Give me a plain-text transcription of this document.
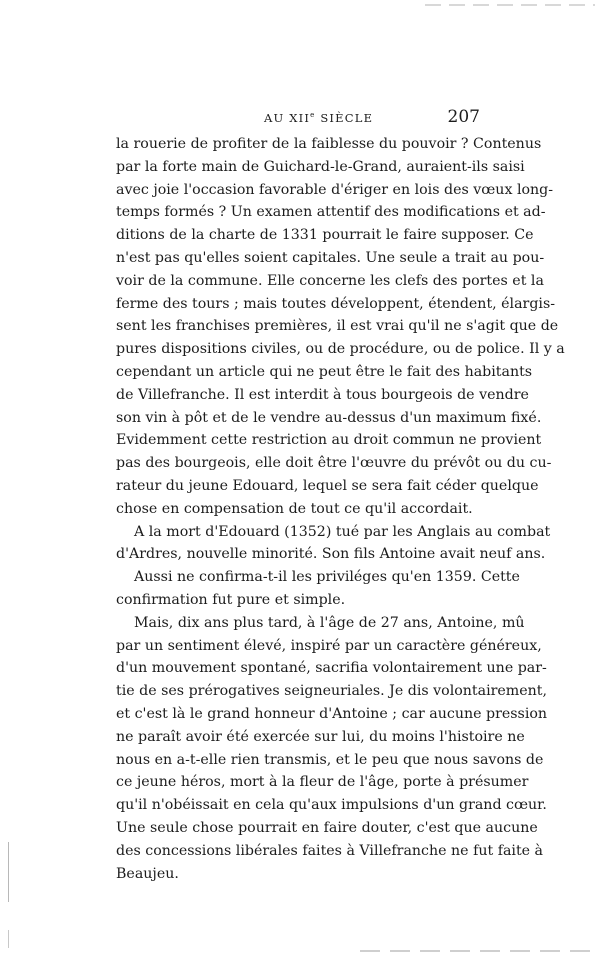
AU XIIe SIÈCLE	207
la rouerie de profiter de la faiblesse du pouvoir ? Contenus
par la forte main de Guichard-le-Grand, auraient-ils saisi
avec joie l'occasion favorable d'ériger en lois des vœux long-
temps formés ? Un examen attentif des modifications et ad-
ditions de la charte de 1331 pourrait le faire supposer. Ce
n'est pas qu'elles soient capitales. Une seule a trait au pou-
voir de la commune. Elle concerne les clefs des portes et la
ferme des tours ; mais toutes développent, étendent, élargis-
sent les franchises premières, il est vrai qu'il ne s'agit que de
pures dispositions civiles, ou de procédure, ou de police. Il y a
cependant un article qui ne peut être le fait des habitants
de Villefranche. Il est interdit à tous bourgeois de vendre
son vin à pôt et de le vendre au-dessus d'un maximum fixé.
Evidemment cette restriction au droit commun ne provient
pas des bourgeois, elle doit être l'œuvre du prévôt ou du cu-
rateur du jeune Edouard, lequel se sera fait céder quelque
chose en compensation de tout ce qu'il accordait.
A la mort d'Edouard (1352) tué par les Anglais au combat
d'Ardres, nouvelle minorité. Son fils Antoine avait neuf ans.
Aussi ne confirma-t-il les priviléges qu'en 1359. Cette
confirmation fut pure et simple.
Mais, dix ans plus tard, à l'âge de 27 ans, Antoine, mû
par un sentiment élevé, inspiré par un caractère généreux,
d'un mouvement spontané, sacrifia volontairement une par-
tie de ses prérogatives seigneuriales. Je dis volontairement,
et c'est là le grand honneur d'Antoine ; car aucune pression
ne paraît avoir été exercée sur lui, du moins l'histoire ne
nous en a-t-elle rien transmis, et le peu que nous savons de
ce jeune héros, mort à la fleur de l'âge, porte à présumer
qu'il n'obéissait en cela qu'aux impulsions d'un grand cœur.
Une seule chose pourrait en faire douter, c'est que aucune
des concessions libérales faites à Villefranche ne fut faite à
Beaujeu.
